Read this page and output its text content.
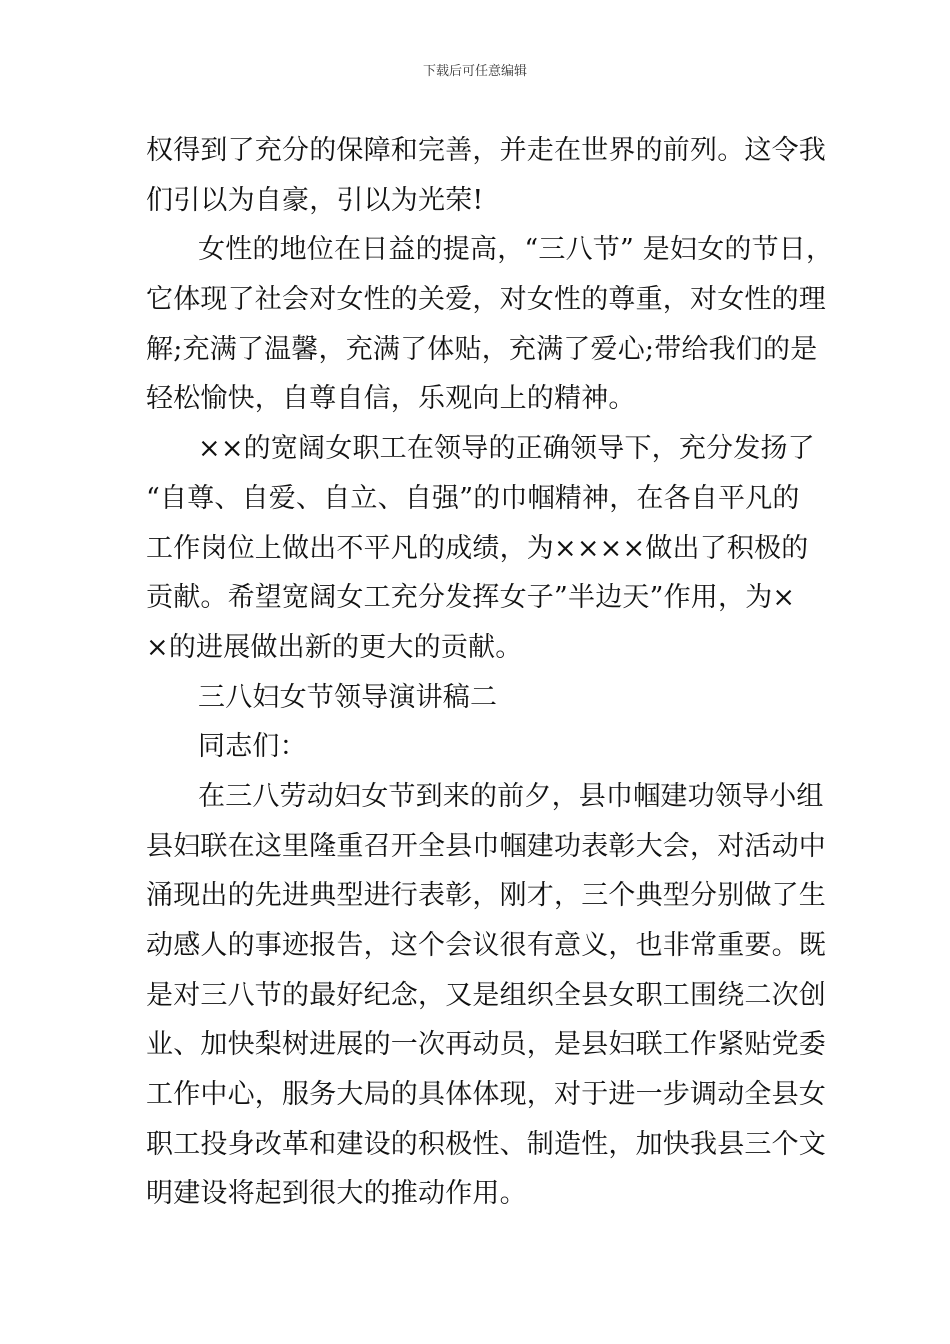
下载后可任意编辑
权得到了充分的保障和完善，并走在世界的前列。这令我
们引以为自豪，引以为光荣!
女性的地位在日益的提高，“三八节” 是妇女的节日，
它体现了社会对女性的关爱，对女性的尊重，对女性的理
解;充满了温馨，充满了体贴，充满了爱心;带给我们的是
轻松愉快，自尊自信，乐观向上的精神。
××的宽阔女职工在领导的正确领导下，充分发扬了
“自尊、自爱、自立、自强”的巾帼精神，在各自平凡的
工作岗位上做出不平凡的成绩，为××××做出了积极的
贡献。希望宽阔女工充分发挥女子”半边天”作用，为×
×的进展做出新的更大的贡献。
三八妇女节领导演讲稿二
同志们：
在三八劳动妇女节到来的前夕，县巾帼建功领导小组
县妇联在这里隆重召开全县巾帼建功表彰大会，对活动中
涌现出的先进典型进行表彰，刚才，三个典型分别做了生
动感人的事迹报告，这个会议很有意义，也非常重要。既
是对三八节的最好纪念，又是组织全县女职工围绕二次创
业、加快梨树进展的一次再动员，是县妇联工作紧贴党委
工作中心，服务大局的具体体现，对于进一步调动全县女
职工投身改革和建设的积极性、制造性，加快我县三个文
明建设将起到很大的推动作用。
